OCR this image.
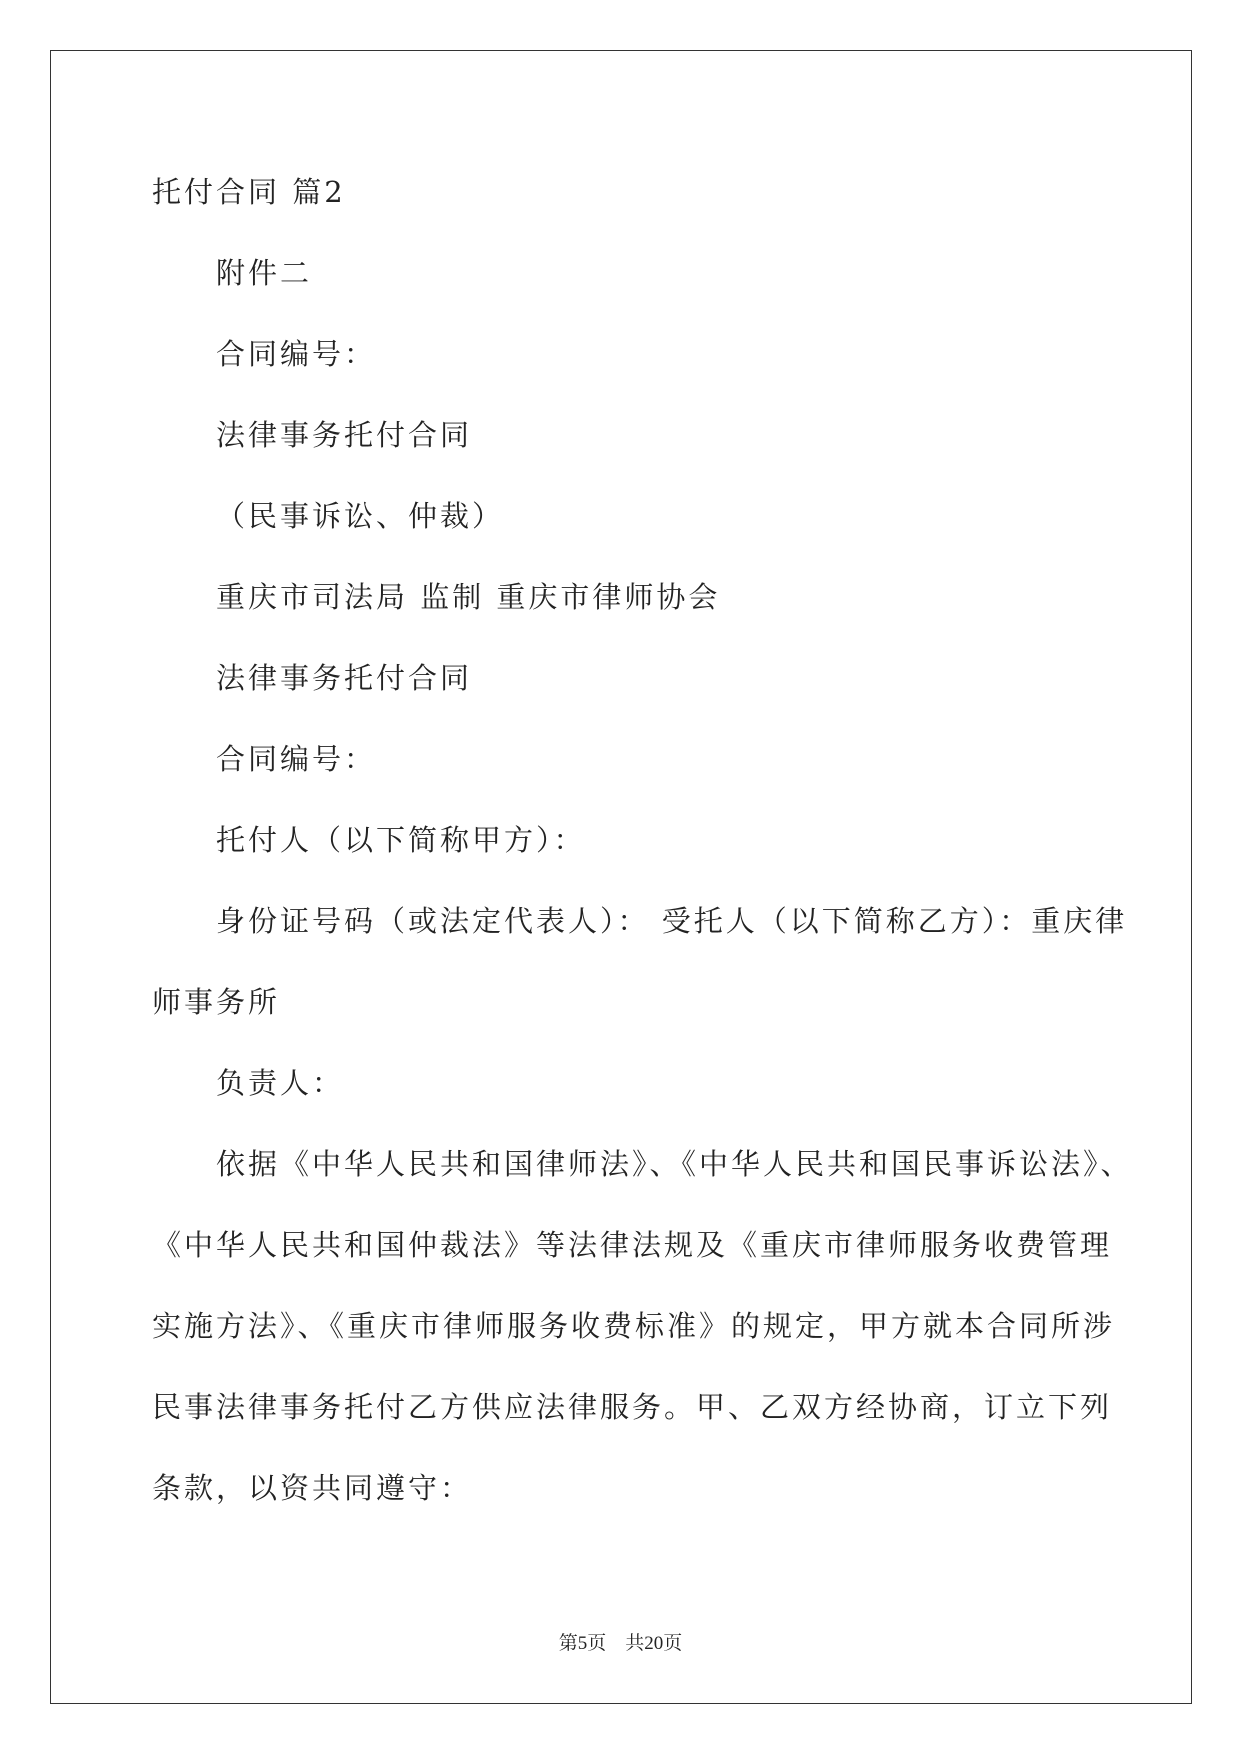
托付合同 篇2
附件二
合同编号：
法律事务托付合同
（民事诉讼、仲裁）
重庆市司法局 监制 重庆市律师协会
法律事务托付合同
合同编号：
托付人（以下简称甲方）：
身份证号码（或法定代表人）： 受托人（以下简称乙方）：重庆律
师事务所
负责人：
依据《中华人民共和国律师法》、《中华人民共和国民事诉讼法》、
《中华人民共和国仲裁法》等法律法规及《重庆市律师服务收费管理
实施方法》、《重庆市律师服务收费标准》的规定，甲方就本合同所涉
民事法律事务托付乙方供应法律服务。甲、乙双方经协商，订立下列
条款，以资共同遵守：
第5页　共20页
